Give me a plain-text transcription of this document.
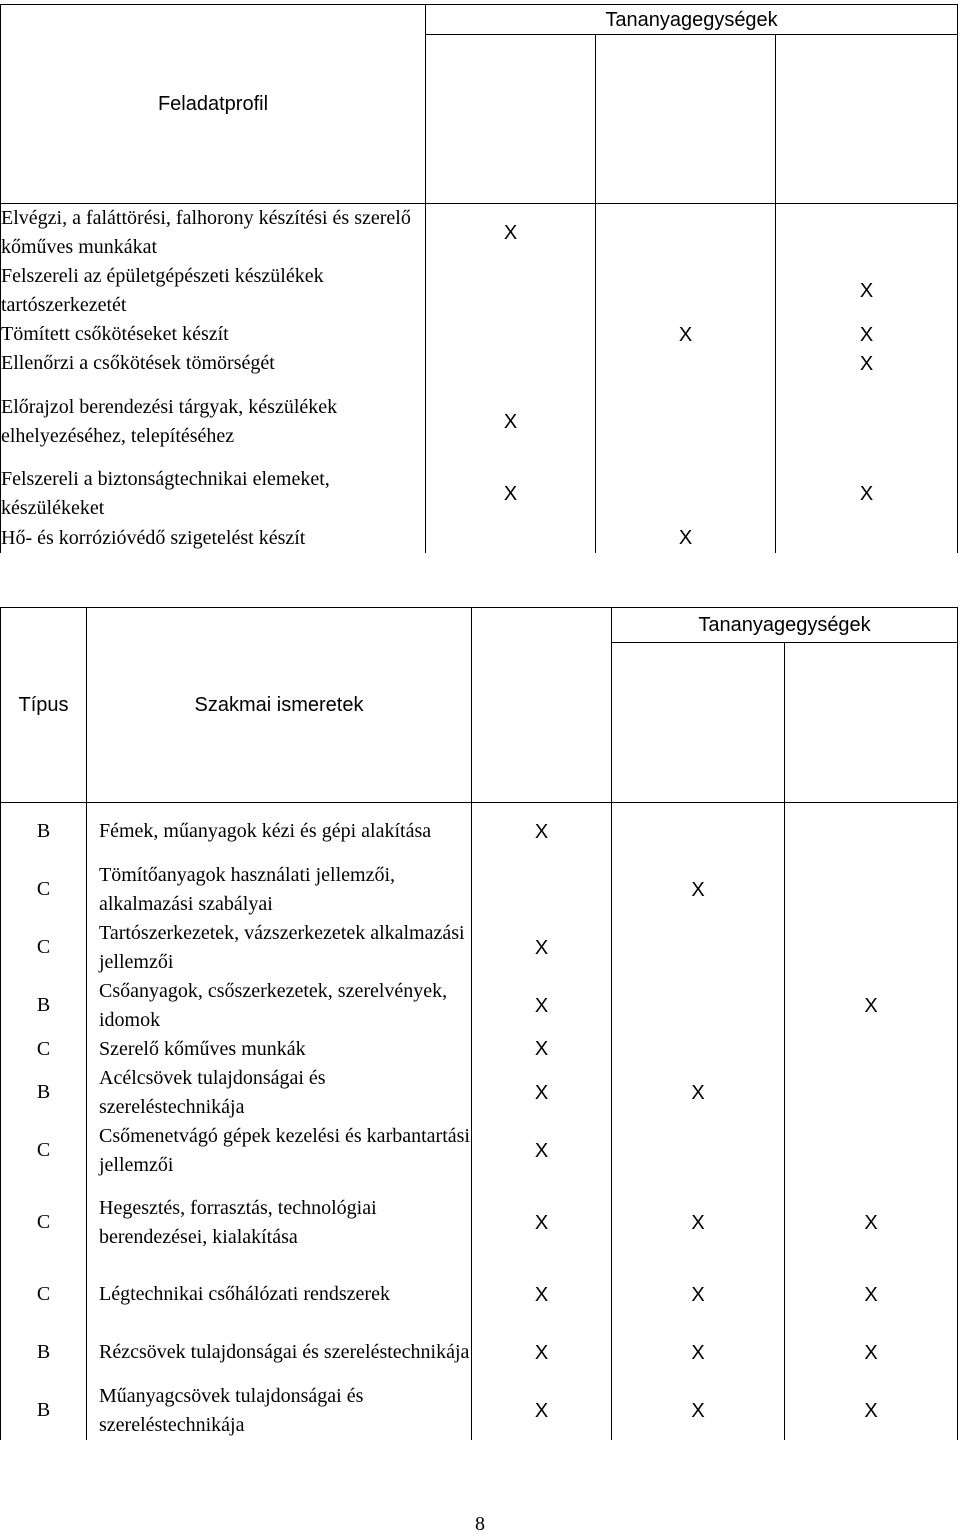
Feladatprofil	Tananyagegységek		

Elvégzi, a faláttörési, falhorony készítési és szerelő kőműves munkákat	X		
Felszereli az épületgépészeti készülékek tartószerkezetét			X
Tömített csőkötéseket készít		X	X
Ellenőrzi a csőkötések tömörségét			X
Előrajzol berendezési tárgyak, készülékek elhelyezéséhez, telepítéséhez	X		
Felszereli a biztonságtechnikai elemeket, készülékeket	X		X
Hő- és korrózióvédő szigetelést készít		X	
Típus	Szakmai ismeretek		Tananyagegységek	

B	Fémek, műanyagok kézi és gépi alakítása	X		
C	Tömítőanyagok használati jellemzői, alkalmazási szabályai		X	
C	Tartószerkezetek, vázszerkezetek alkalmazási jellemzői	X		
B	Csőanyagok, csőszerkezetek, szerelvények, idomok	X		X
C	Szerelő kőműves munkák	X		
B	Acélcsövek tulajdonságai és szereléstechnikája	X	X	
C	Csőmenetvágó gépek kezelési és karbantartási jellemzői	X		
C	Hegesztés, forrasztás, technológiai berendezései, kialakítása	X	X	X
C	Légtechnikai csőhálózati rendszerek	X	X	X
B	Rézcsövek tulajdonságai és szereléstechnikája	X	X	X
B	Műanyagcsövek tulajdonságai és szereléstechnikája	X	X	X
8
